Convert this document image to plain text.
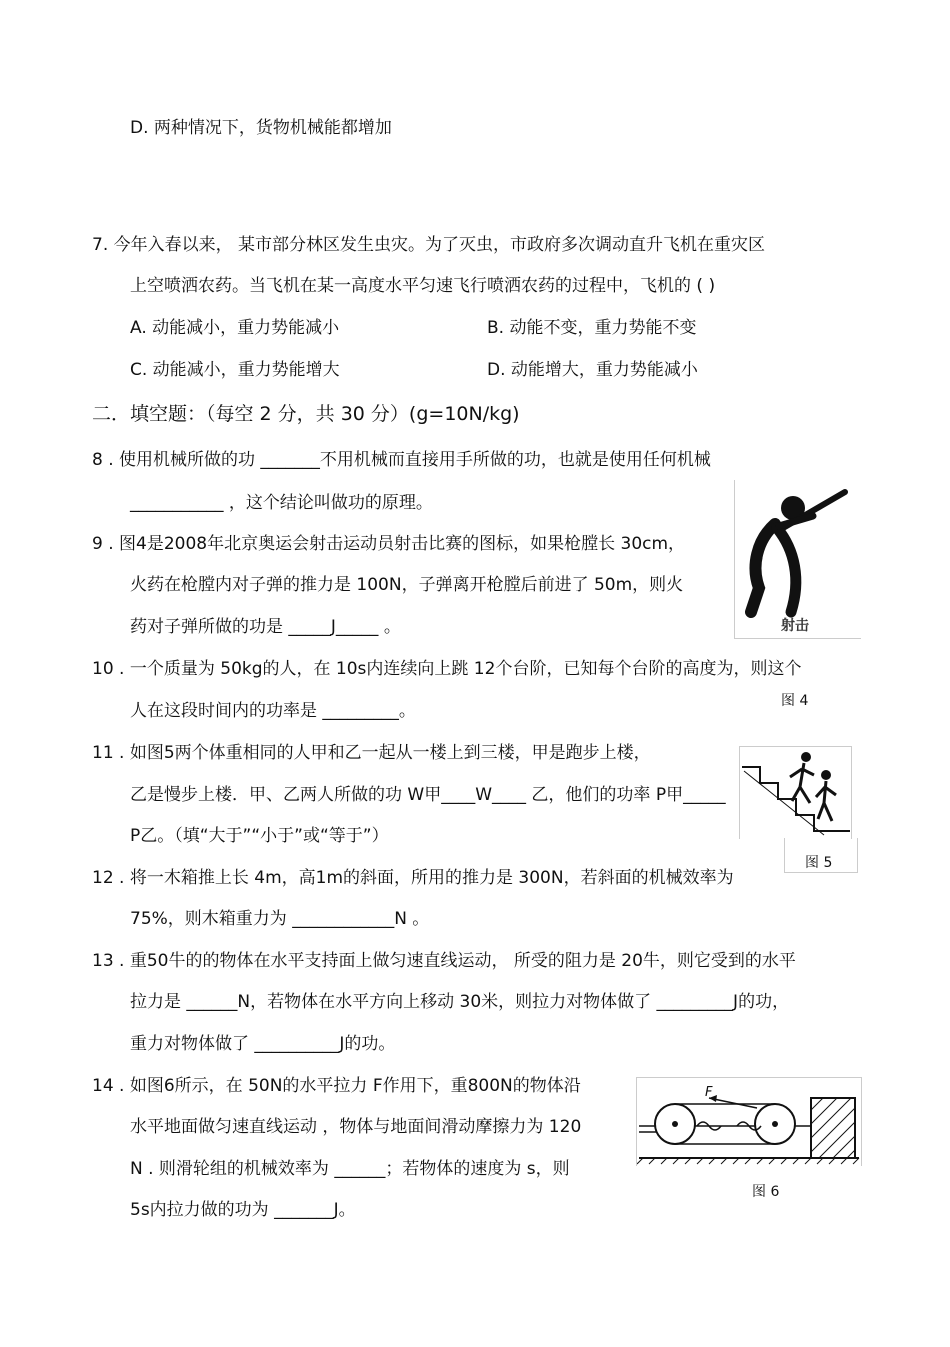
D. 两种情况下，货物机械能都增加
7. 今年入春以来， 某市部分林区发生虫灾。为了灭虫，市政府多次调动直升飞机在重灾区
上空喷洒农药。当飞机在某一高度水平匀速飞行喷洒农药的过程中，飞机的 ( )
A. 动能减小，重力势能减小	B. 动能不变，重力势能不变
C. 动能减小，重力势能增大	D. 动能增大，重力势能减小
二．填空题：（每空 2 分，共 30 分）(g=10N/kg)
8 . 使用机械所做的功 _______不用机械而直接用手所做的功，也就是使用任何机械
___________ ，这个结论叫做功的原理。
9 . 图4是2008年北京奥运会射击运动员射击比赛的图标，如果枪膛长 30cm，
火药在枪膛内对子弹的推力是 100N，子弹离开枪膛后前进了 50m，则火
药对子弹所做的功是 _____J_____ 。
10 . 一个质量为 50kg的人，在 10s内连续向上跳 12个台阶，已知每个台阶的高度为，则这个
人在这段时间内的功率是 _________。
11 . 如图5两个体重相同的人甲和乙一起从一楼上到三楼，甲是跑步上楼，
乙是慢步上楼．甲、乙两人所做的功 W甲____W____ 乙，他们的功率 P甲_____
P乙。（填“大于”“小于”或“等于”）
12 . 将一木箱推上长 4m，高1m的斜面，所用的推力是 300N，若斜面的机械效率为
75%，则木箱重力为 ____________N 。
13 . 重50牛的的物体在水平支持面上做匀速直线运动， 所受的阻力是 20牛，则它受到的水平
拉力是 ______N，若物体在水平方向上移动 30米，则拉力对物体做了 _________J的功，
重力对物体做了 __________J的功。
14 . 如图6所示，在 50N的水平拉力 F作用下，重800N的物体沿
水平地面做匀速直线运动 ，物体与地面间滑动摩擦力为 120
N . 则滑轮组的机械效率为 ______；若物体的速度为 s，则
5s内拉力做的功为 _______J。
射击
图 4
图 5
F
图 6
